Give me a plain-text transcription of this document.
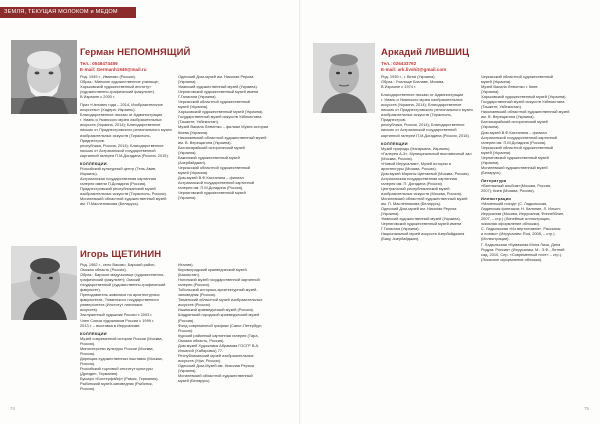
ЗЕМЛЯ, ТЕКУЩАЯ МОЛОКОМ и МЕДОМ
Герман НЕПОМНЯЩИЙ
Тел.: 0546474459
E-mail: Germanh1949@mail.ru

Род. 1949 г., Ивановo (Россия).

Образ.: Минское художественное училище;

Харьковский художественный институт

(художественно-графический факультет).

В Израиле с 2000 г.

Приз «Человек года – 2014, Изобразительное

искусство» (Хадера, Израиль).

Благодарственное письмо от Администрации

г. Умань и Уманского музея изобразительных

искусств (Украина, 2014); Благодарственное

письмо от Приднестровского регионального музея

изобразительных искусств (Тирасполь, Приднестров.

республика, Россия, 2014); Благодарственное

письмо от Астраханской государственной

картинной галереи П.М.Догадина (Россия, 2015).

КОЛЛЕКЦИИ

Российский культурный центр (Тель-Авив,

Израиль).

Астраханская государственная картинная

галерея имени П.Догадина (Россия).

Приднестровский республиканский музей

изобразительных искусств (Тирасполь, Россия).

Могилевский областной художественный музей

им. П.Масленникова (Беларусь).

Одесский Дом-музей им. Николая Рериха

(Украина).

Уманский художественный музей (Украина).

Черниговский художественный музей имени

Г.Галагана (Украина).

Черкасский областной художественный

музей (Украина).

Харьковский художественный музей (Украина).

Государственный музей искусств Узбекистана

(Ташкент, Узбекистан).

Музей Васила Левченко – филиал Музея истории

Киева (Украина).

Николаевский областной художественный музей

им. В. Верещагина (Украина).

Бахчисарайский исторический музей

(Украина).

Бакинский художественный музей

(Азербайджан).

Черкасский областной художественный

музей (Украина).

Дом-музей В.Ф.Кастаняна – филиал

Астраханской государственной картинной

галереи им. П.М.Догадина (Россия).

Черниговский художественный музей

(Украина).

Игорь ЩЕТИНИН

Род. 1962 г., село Васово, Барский район,

Омская область (Россия).

Образ.: Барское медучилище (художественно-

графический факультет); Омский

государственный (художественно-графический

факультет).

Преподаватель живописи на архитектурных

факультетах, Тюменского государственного

университета (Институт латинских

искусств).

Заслуженный художник России с 2003 г.

Член Союза художников России с 1999 г.

2013 г. – выставка в Иерусалиме.

КОЛЛЕКЦИИ

Музей современной истории России (Москва,

Россия).

Министерство культуры России (Москва,

Россия).

Дирекция художественных выставок (Москва,

Россия).

Российский торговый институт культуры

(Дрезден, Германия).

Бушаро «Бостерфайф» (Рамис, Германия).

Рыбинский музей-заповедник (Рыбинск,

Россия).

Италия).

Кировоградский краеведческий музей

(Казахстан).

Ногинский музей государственной картинной

галереи (Россия).

Тобольский историко-архитектурный музей-

заповедник (Россия).

Тюменский областной музей изобразительных

искусств (Россия).

Ишимский краеведческий музей (Россия).

Шадринский городской краеведческий музей

(Россия).

Фонд современной графики (Санкт-Петербург,

Россия).

Курский районный картинная галерея (Тара,

Омская область, Россия).

Дом музей Художника Абрамова ГОСГР В.А.

Ильиной (Хабаровск) 77.

Республиканский музей изобразительных

искусств (Уфа, Россия).

Одесский Дом-Музей им. Николая Рериха

(Украина).

Могилевский областной художественный

музей (Беларусь).

Аркадий ЛИВШИЦ
Тел.: 026433792
E-mail: ark.livshit@gmail.com

Род. 1939 г., г. Вена (Украина).

Образ.: Училище Бгилаве, Москва.

В Израиле с 1974 г.

Благодарственное письмо от Администрации

г. Умань и Уманского музея изобразительных

искусств (Украина, 2014); Благодарственное

письмо от Приднестровского регионального музея

изобразительных искусств (Тирасполь, Приднестров.

республика, Россия, 2014); Благодарственное

письмо от Астраханской государственной

картинной галереи П.М.Догадина (Россия, 2015).

КОЛЛЕКЦИИ

Музей природы (Нагарьяна, Израиль).

«Галерея А-3», Муниципальный выставочный зал

(Москва, Россия).

«Новый Иерусалим», Музей истории и

архитектуры (Москва, Россия).

Дом-музей Марины Цветаевой (Москва, Россия).

Астраханская государственная картинная

галерея им. П. Догадина (Россия).

Центральный республиканский музей

изобразительных искусств (Москва, Россия).

Могилевский областной художественный музей

им. П. Масленникова (Беларусь).

Одесский Дом-музей им. Николая Рериха

(Украина).

Уманский художественный музей (Украина).

Черниговский художественный музей имени

Г.Галагана (Украина).

Национальный музей искусств Азербайджана

(Баку, Азербайджан).

Черкасский областной художественный

музей (Украина).

Музей Васила Левченко г. Киев

(Украина).

Харьковский художественный музей (Украина).

Государственный музей искусств Узбекистана

(Ташкент, Узбекистан).

Николаевский областной художественный музей

им. В. Верещагина (Украина).

Бахчисарайский исторический музей

(Украина).

Дом-музей В.Ф.Кастаняна – филиал

Астраханской государственной картинной

галереи им. П.М.Догадина (Россия).

Черкасский областной художественный

музей (Украина).

Черниговский художественный музей

(Украина).

Могилевский художественный музей

(Беларусь).

Литература

«Винтажный альбом»(Москва, Россия,

2007); Киев (Москва, Россия).

Иллюстрации

«Маленький поезд» (С. Ладыльская,

Ладинская фантазия; Н. Калинин, Л. Ильин;

Иерусалим (Москва, Иерусалим; Фипгибблин,

2007, – стр.) (Линейные иллюстрации,

эскизная оформление обложки).

С. Ладыльская «Из вертоломем». Рассказы

и поэмы» (Иерусалим: Rud, 2008, – стр.).

(Иллюстрации).

Г. Ладыльская «Бумажная Мона Лиза, Дина

Родуга: Россия» (Иерусалим, М.: Э.Ф., Летний

сад, 2010, Сер. «Современный поэт» – стр.).

(Эскизное оформление обложки).

74	75
